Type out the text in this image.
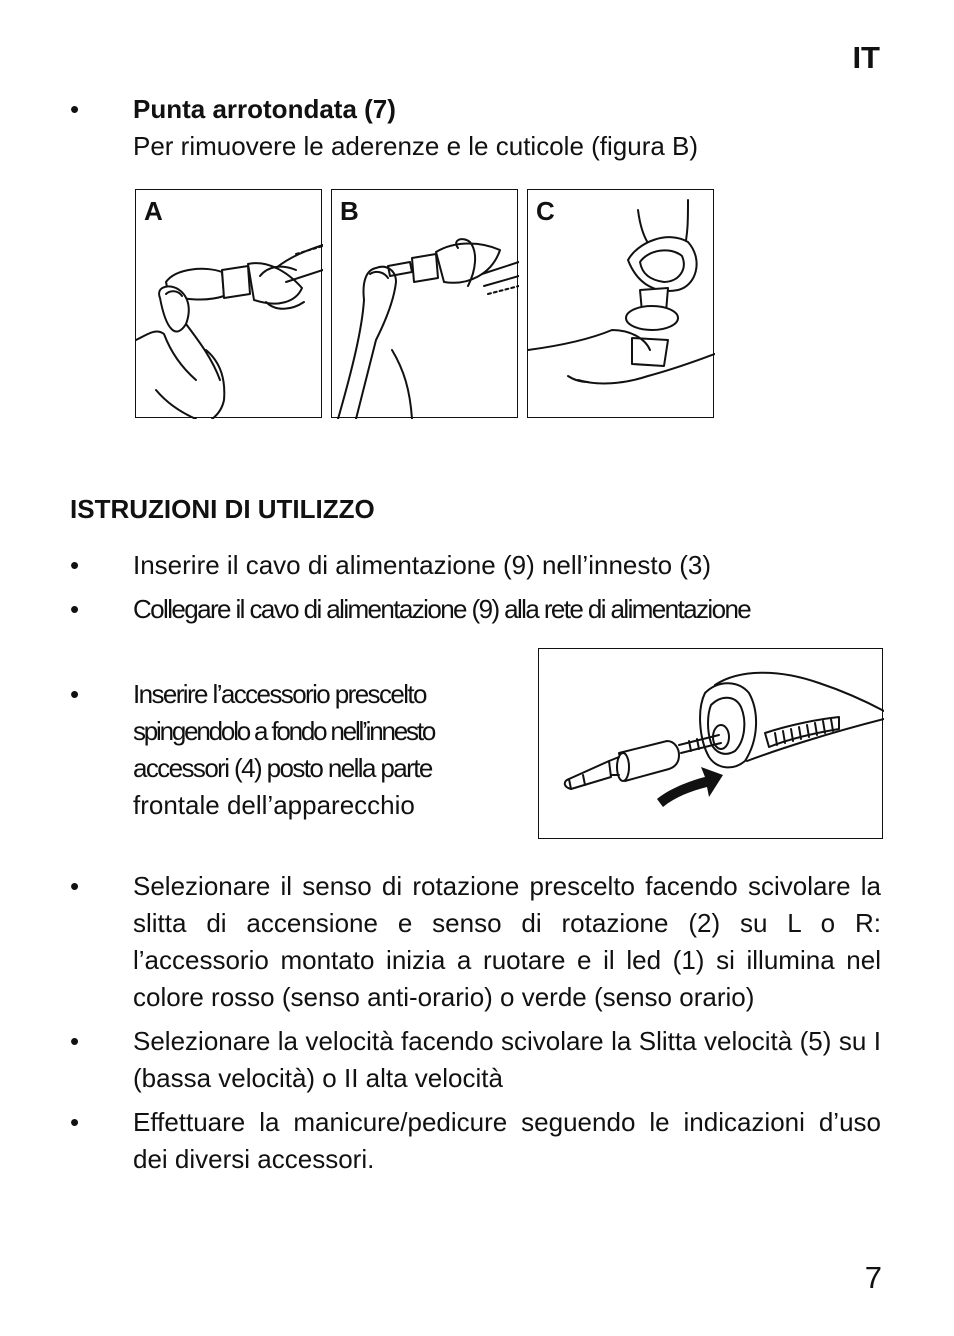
IT
• Punta arrotondata (7)
Per rimuovere le aderenze e le cuticole (figura B)
A	B	C
ISTRUZIONI DI UTILIZZO
• Inserire il cavo di alimentazione (9) nell’innesto (3)
• Collegare il cavo di alimentazione (9) alla rete di alimentazione
• Inserire l’accessorio prescelto
spingendolo a fondo nell’innesto
accessori (4) posto nella parte
frontale dell’apparecchio
• Selezionare il senso di rotazione prescelto facendo scivolare la slitta di accensione e senso di rotazione (2) su L o R: l’accessorio montato inizia a ruotare e il led (1) si illumina nel colore rosso (senso anti-orario) o verde (senso orario)
• Selezionare la velocità facendo scivolare la Slitta velocità (5) su I (bassa velocità) o II alta velocità
• Effettuare la manicure/pedicure seguendo le indicazioni d’uso dei diversi accessori.
7
